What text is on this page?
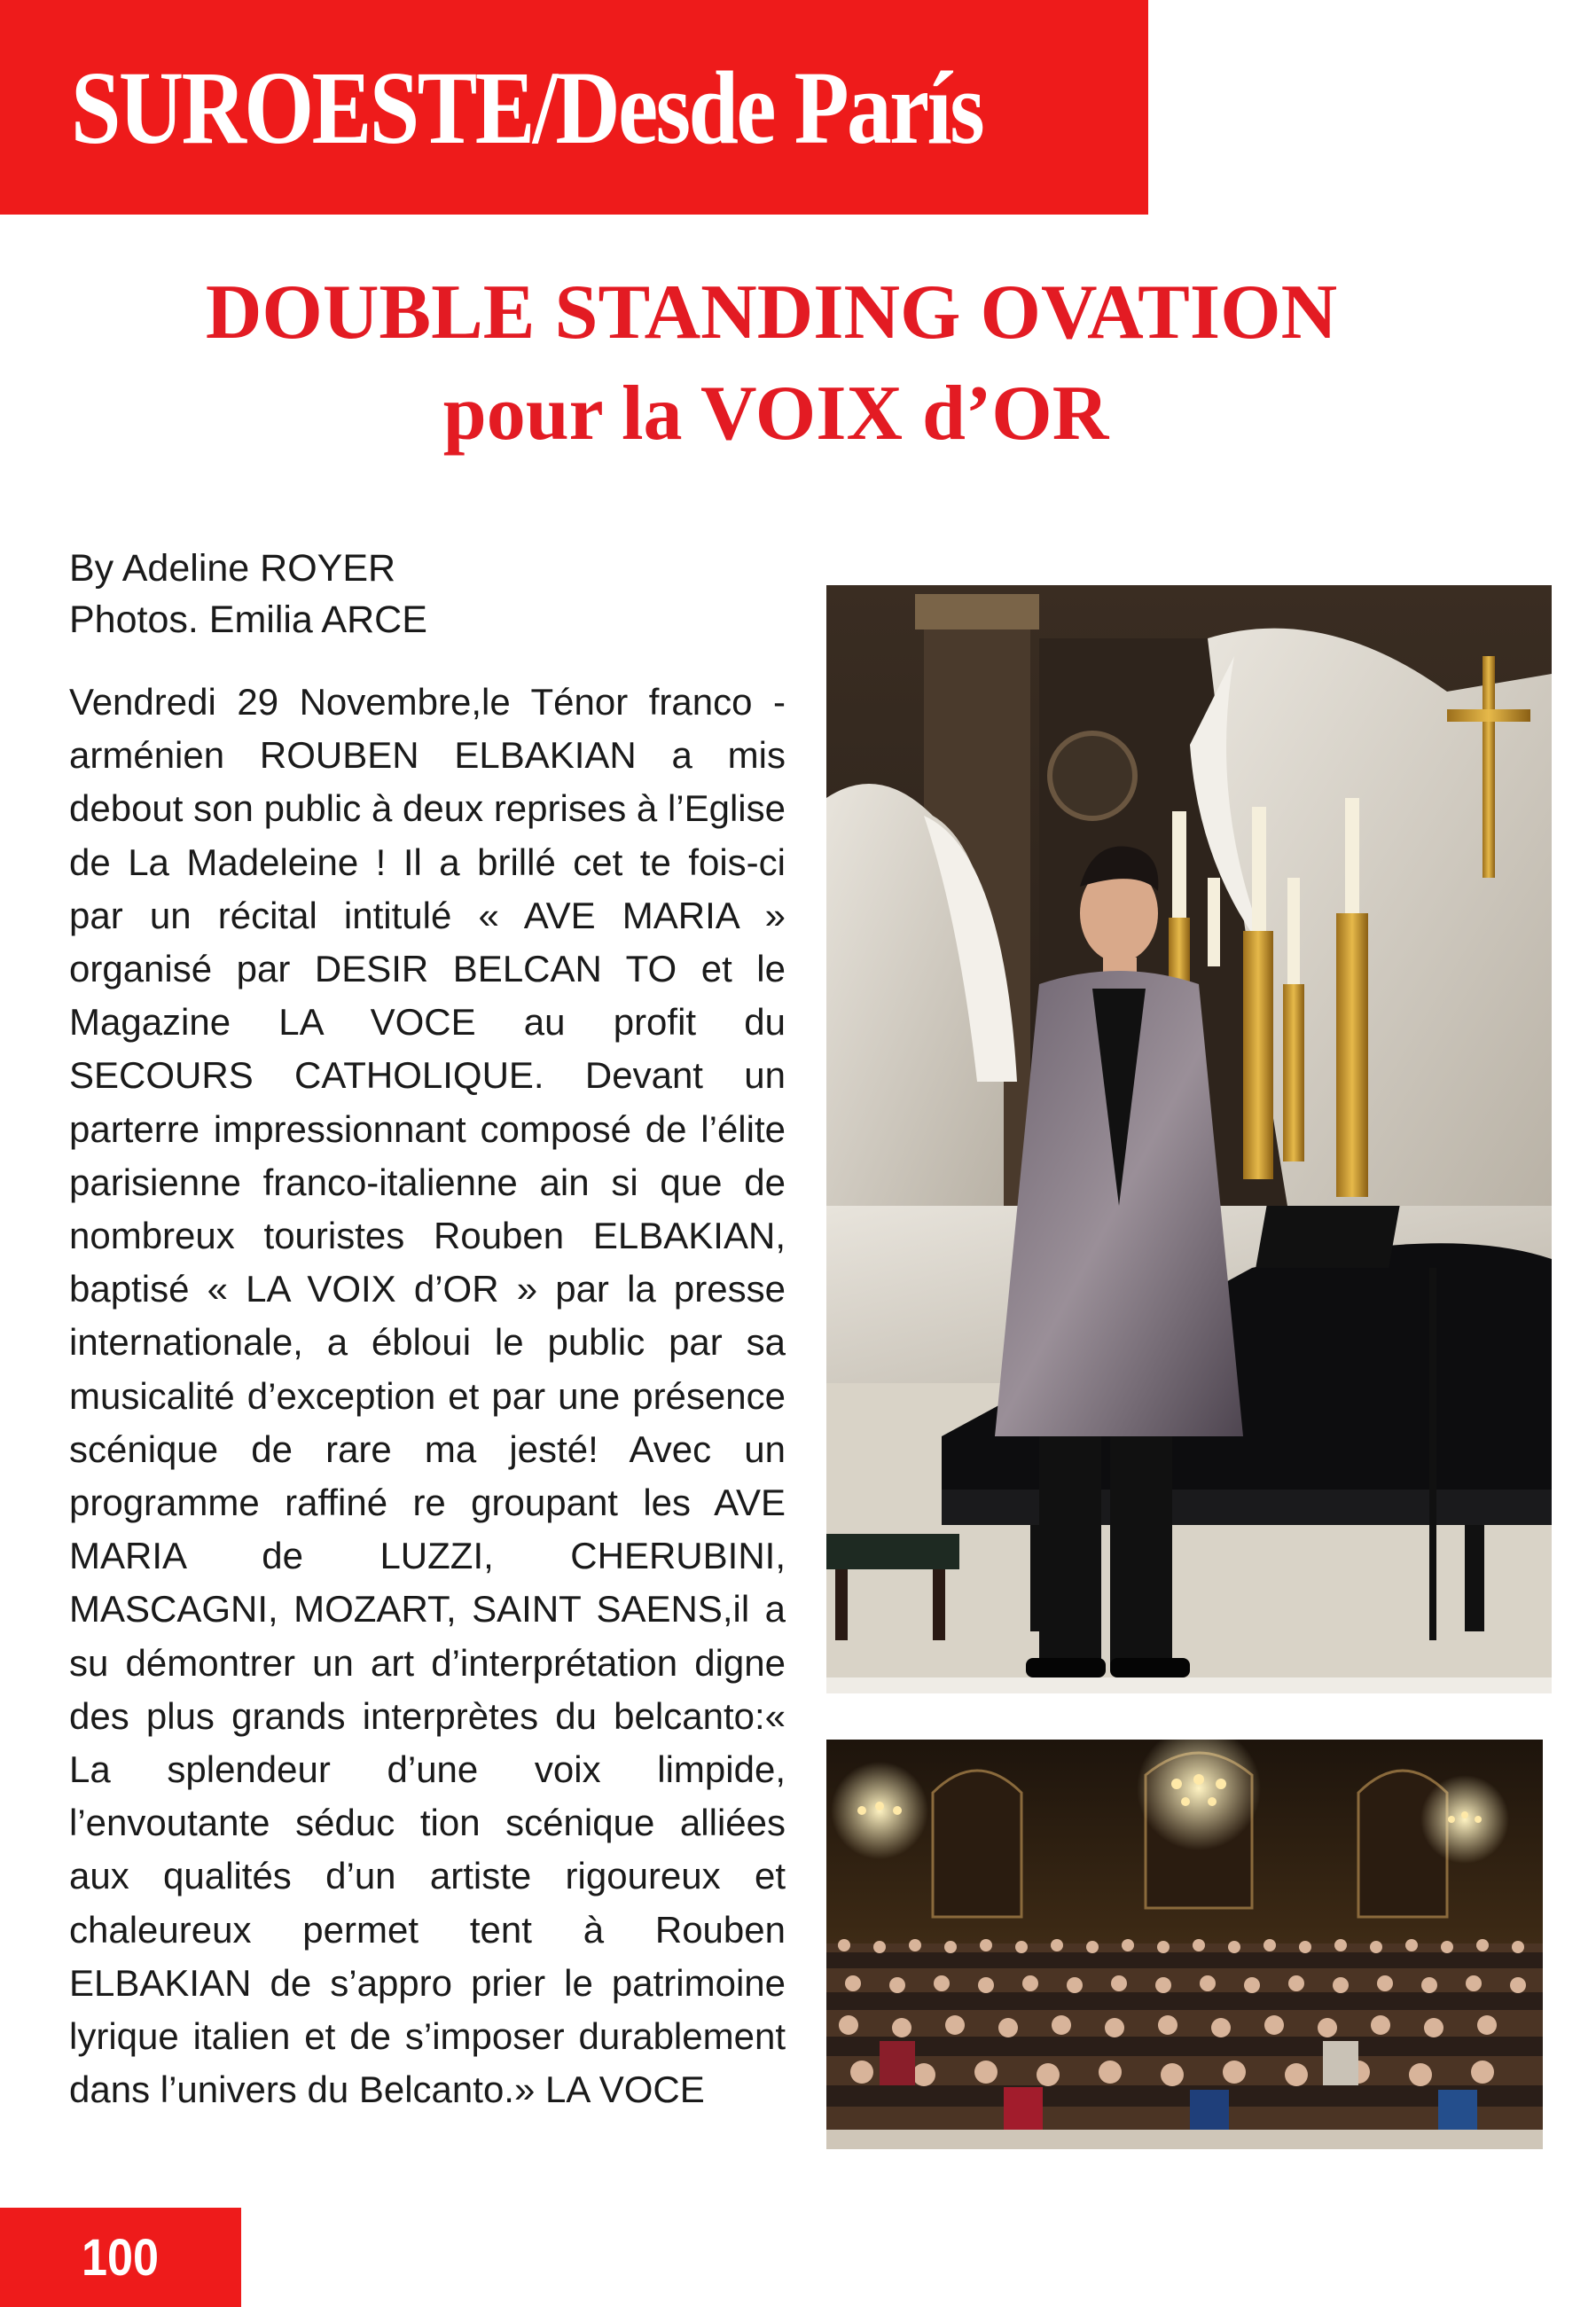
SUROESTE/Desde París
DOUBLE STANDING OVATION
pour la VOIX d’OR
By Adeline ROYER
Photos. Emilia ARCE

Vendredi 29 Novembre,le Ténor franco -arménien ROUBEN ELBAKIAN a mis debout son public à deux reprises à l’Eglise de La Madeleine ! Il a brillé cet te fois-ci par un récital intitulé « AVE MARIA » organisé par DESIR BELCAN TO et le Magazine LA VOCE au profit du SECOURS CATHOLIQUE. Devant un parterre impressionnant composé de l’élite parisienne franco-italienne ain si que de nombreux touristes Rouben ELBAKIAN, baptisé « LA VOIX d’OR » par la presse internationale, a ébloui le public par sa musicalité d’exception et par une présence scénique de rare ma jesté! Avec un programme raffiné re groupant les AVE MARIA de LUZZI, CHERUBINI, MASCAGNI, MOZART, SAINT SAENS,il a su démontrer un art d’interprétation digne des plus grands interprètes du belcanto:« La splendeur d’une voix limpide, l’envoutante séduc tion scénique alliées aux qualités d’un artiste rigoureux et chaleureux permet tent à Rouben ELBAKIAN de s’appro prier le patrimoine lyrique italien et de s’imposer durablement dans l’univers du Belcanto.» LA VOCE

100
